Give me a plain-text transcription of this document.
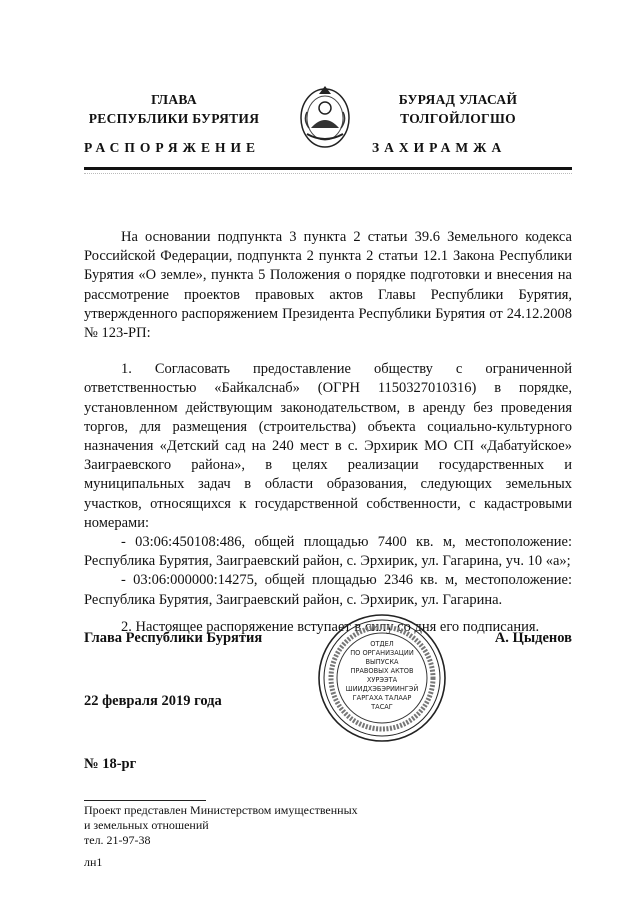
ГЛАВА
РЕСПУБЛИКИ БУРЯТИЯ
БУРЯАД УЛАСАЙ
ТОЛГОЙЛОГШО
РАСПОРЯЖЕНИЕ	ЗАХИРАМЖА

На основании подпункта 3 пункта 2 статьи 39.6 Земельного кодекса Российской Федерации, подпункта 2 пункта 2 статьи 12.1 Закона Республики Бурятия «О земле», пункта 5 Положения о порядке подготовки и внесения на рассмотрение проектов правовых актов Главы Республики Бурятия, утвержденного распоряжением Президента Республики Бурятия от 24.12.2008 № 123-РП:

1. Согласовать предоставление обществу с ограниченной ответственностью «Байкалснаб» (ОГРН 1150327010316) в порядке, установленном действующим законодательством, в аренду без проведения торгов, для размещения (строительства) объекта социально-культурного назначения «Детский сад на 240 мест в с. Эрхирик МО СП «Дабатуйское» Заиграевского района», в целях реализации государственных и муниципальных задач в области образования, следующих земельных участков, относящихся к государственной собственности, с кадастровыми номерами:

- 03:06:450108:486, общей площадью 7400 кв. м, местоположение: Республика Бурятия, Заиграевский район, с. Эрхирик, ул. Гагарина, уч. 10 «а»;

- 03:06:000000:14275, общей площадью 2346 кв. м, местоположение: Республика Бурятия, Заиграевский район, с. Эрхирик, ул. Гагарина.

2. Настоящее распоряжение вступает в силу со дня его подписания.

Глава Республики Бурятия	А. Цыденов
22 февраля 2019 года
№ 18-рг
ОТДЕЛ
ПО ОРГАНИЗАЦИИ
ВЫПУСКА
ПРАВОВЫХ АКТОВ
ХУРЭЭТА
ШИИДХЭБЭРИИНГЭЙ
ГАРГАХА ТАЛААР
ТАСАГ
Проект представлен Министерством имущественных
и земельных отношений
тел. 21-97-38
лн1
